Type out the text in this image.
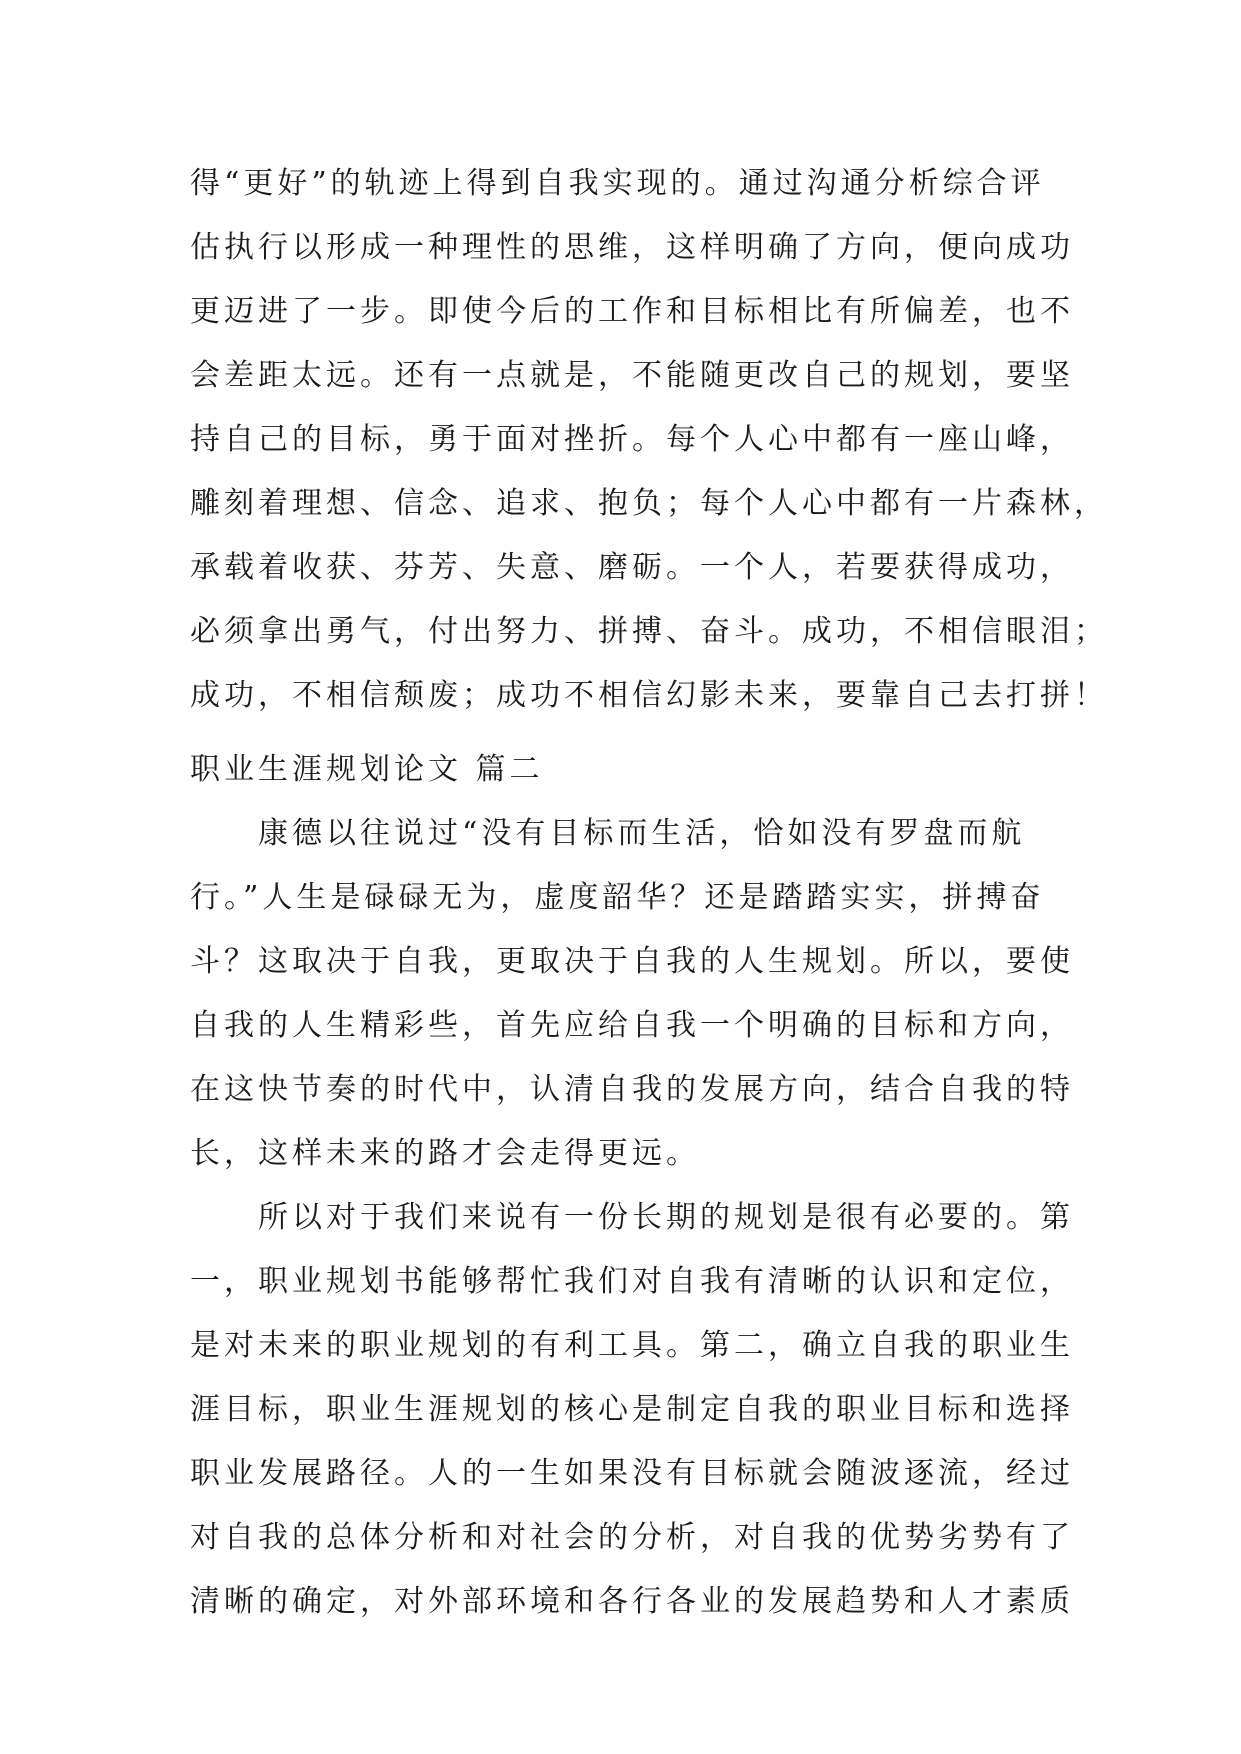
得“更好”的轨迹上得到自我实现的。通过沟通分析综合评
估执行以形成一种理性的思维，这样明确了方向，便向成功
更迈进了一步。即使今后的工作和目标相比有所偏差，也不
会差距太远。还有一点就是，不能随更改自己的规划，要坚
持自己的目标，勇于面对挫折。每个人心中都有一座山峰，
雕刻着理想、信念、追求、抱负；每个人心中都有一片森林，
承载着收获、芬芳、失意、磨砺。一个人，若要获得成功，
必须拿出勇气，付出努力、拼搏、奋斗。成功，不相信眼泪；
成功，不相信颓废；成功不相信幻影未来，要靠自己去打拼！
职业生涯规划论文 篇二
康德以往说过“没有目标而生活，恰如没有罗盘而航
行。”人生是碌碌无为，虚度韶华？还是踏踏实实，拼搏奋
斗？这取决于自我，更取决于自我的人生规划。所以，要使
自我的人生精彩些，首先应给自我一个明确的目标和方向，
在这快节奏的时代中，认清自我的发展方向，结合自我的特
长，这样未来的路才会走得更远。
所以对于我们来说有一份长期的规划是很有必要的。第
一，职业规划书能够帮忙我们对自我有清晰的认识和定位，
是对未来的职业规划的有利工具。第二，确立自我的职业生
涯目标，职业生涯规划的核心是制定自我的职业目标和选择
职业发展路径。人的一生如果没有目标就会随波逐流，经过
对自我的总体分析和对社会的分析，对自我的优势劣势有了
清晰的确定，对外部环境和各行各业的发展趋势和人才素质
